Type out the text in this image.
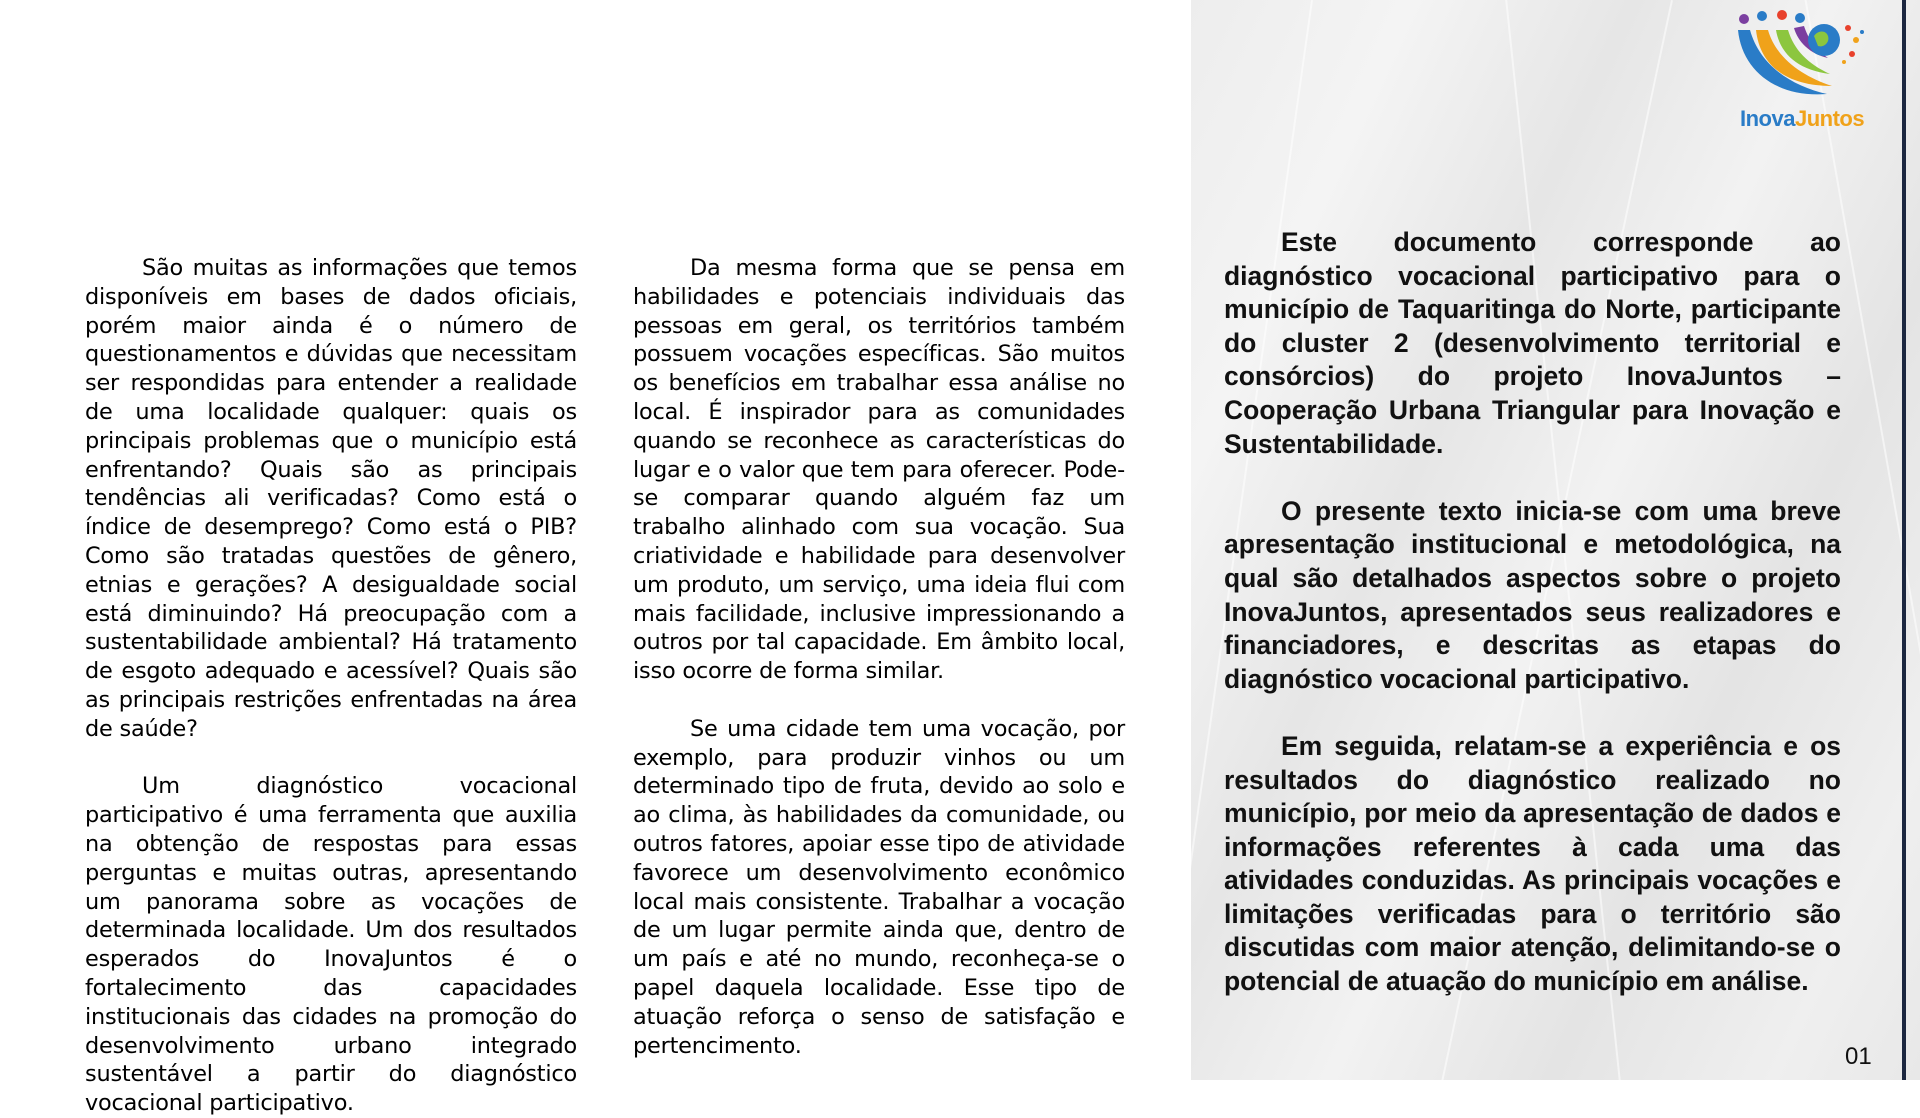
São muitas as informações que temos disponíveis em bases de dados oficiais, porém maior ainda é o número de questionamentos e dúvidas que necessitam ser respondidas para entender a realidade de uma localidade qualquer: quais os principais problemas que o município está enfrentando? Quais são as principais tendências ali verificadas? Como está o índice de desemprego? Como está o PIB? Como são tratadas questões de gênero, etnias e gerações? A desigualdade social está diminuindo? Há preocupação com a sustentabilidade ambiental? Há tratamento de esgoto adequado e acessível? Quais são as principais restrições enfrentadas na área de saúde?

Um diagnóstico vocacional participativo é uma ferramenta que auxilia na obtenção de respostas para essas perguntas e muitas outras, apresentando um panorama sobre as vocações de determinada localidade. Um dos resultados esperados do InovaJuntos é o fortalecimento das capacidades institucionais das cidades na promoção do desenvolvimento urbano integrado sustentável a partir do diagnóstico vocacional participativo.

Da mesma forma que se pensa em habilidades e potenciais individuais das pessoas em geral, os territórios também possuem vocações específicas. São muitos os benefícios em trabalhar essa análise no local. É inspirador para as comunidades quando se reconhece as características do lugar e o valor que tem para oferecer. Pode-se comparar quando alguém faz um trabalho alinhado com sua vocação. Sua criatividade e habilidade para desenvolver um produto, um serviço, uma ideia flui com mais facilidade, inclusive impressionando a outros por tal capacidade. Em âmbito local, isso ocorre de forma similar.

Se uma cidade tem uma vocação, por exemplo, para produzir vinhos ou um determinado tipo de fruta, devido ao solo e ao clima, às habilidades da comunidade, ou outros fatores, apoiar esse tipo de atividade favorece um desenvolvimento econômico local mais consistente. Trabalhar a vocação de um lugar permite ainda que, dentro de um país e até no mundo, reconheça-se o papel daquela localidade. Esse tipo de atuação reforça o senso de satisfação e pertencimento.

Este documento corresponde ao diagnóstico vocacional participativo para o município de Taquaritinga do Norte, participante do cluster 2 (desenvolvimento territorial e consórcios) do projeto InovaJuntos – Cooperação Urbana Triangular para Inovação e Sustentabilidade.

O presente texto inicia-se com uma breve apresentação institucional e metodológica, na qual são detalhados aspectos sobre o projeto InovaJuntos, apresentados seus realizadores e financiadores, e descritas as etapas do diagnóstico vocacional participativo.

Em seguida, relatam-se a experiência e os resultados do diagnóstico realizado no município, por meio da apresentação de dados e informações referentes à cada uma das atividades conduzidas. As principais vocações e limitações verificadas para o território são discutidas com maior atenção, delimitando-se o potencial de atuação do município em análise.

InovaJuntos
01
